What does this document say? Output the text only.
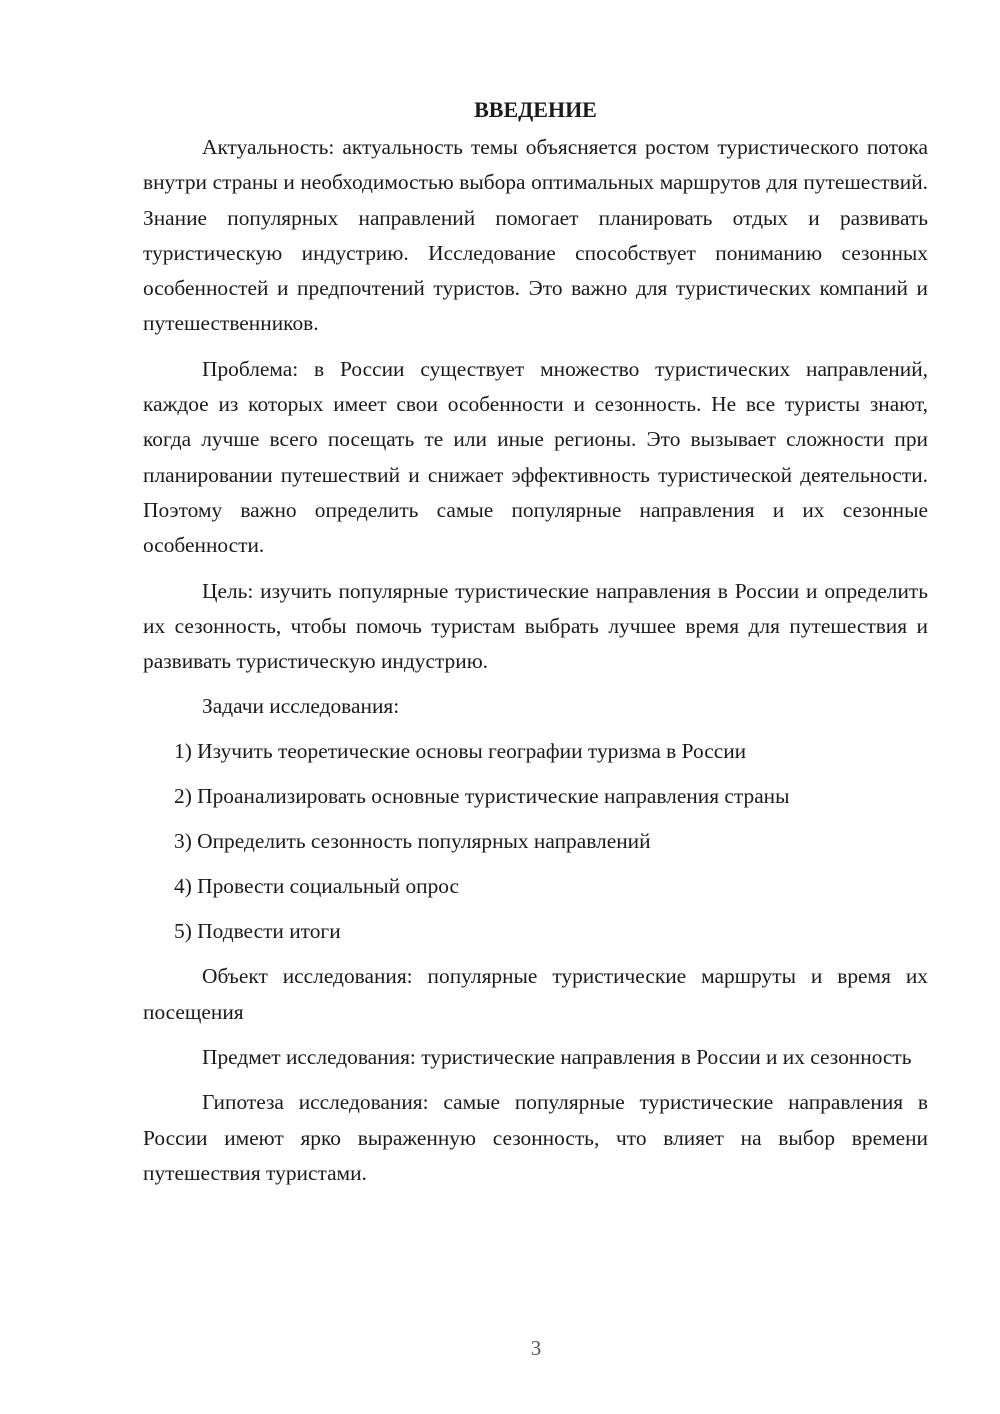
ВВЕДЕНИЕ

Актуальность: актуальность темы объясняется ростом туристического потока внутри страны и необходимостью выбора оптимальных маршрутов для путешествий. Знание популярных направлений помогает планировать отдых и развивать туристическую индустрию. Исследование способствует пониманию сезонных особенностей и предпочтений туристов. Это важно для туристических компаний и путешественников.

Проблема: в России существует множество туристических направлений, каждое из которых имеет свои особенности и сезонность. Не все туристы знают, когда лучше всего посещать те или иные регионы. Это вызывает сложности при планировании путешествий и снижает эффективность туристической деятельности. Поэтому важно определить самые популярные направления и их сезонные особенности.

Цель: изучить популярные туристические направления в России и определить их сезонность, чтобы помочь туристам выбрать лучшее время для путешествия и развивать туристическую индустрию.

Задачи исследования:

1) Изучить теоретические основы географии туризма в России

2) Проанализировать основные туристические направления страны

3) Определить сезонность популярных направлений

4) Провести социальный опрос

5) Подвести итоги

Объект исследования: популярные туристические маршруты и время их посещения

Предмет исследования: туристические направления в России и их сезонность

Гипотеза исследования: самые популярные туристические направления в России имеют ярко выраженную сезонность, что влияет на выбор времени путешествия туристами.

3
